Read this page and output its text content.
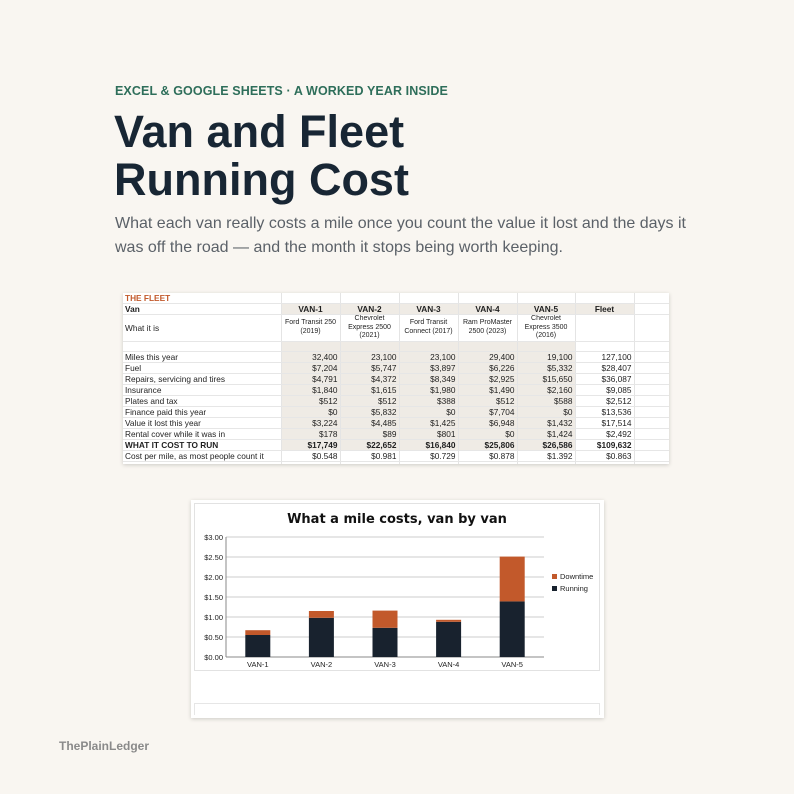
EXCEL & GOOGLE SHEETS · A WORKED YEAR INSIDE
Van and Fleet
Running Cost

What each van really costs a mile once you count the value it lost and the days it was off the road — and the month it stops being worth keeping.

THE FLEET							
Van	VAN-1	VAN-2	VAN-3	VAN-4	VAN-5	Fleet	
What it is	Ford Transit 250 (2019)	Chevrolet Express 2500 (2021)	Ford Transit Connect (2017)	Ram ProMaster 2500 (2023)	Chevrolet Express 3500 (2016)		

Miles this year	32,400	23,100	23,100	29,400	19,100	127,100	
Fuel	$7,204	$5,747	$3,897	$6,226	$5,332	$28,407	
Repairs, servicing and tires	$4,791	$4,372	$8,349	$2,925	$15,650	$36,087	
Insurance	$1,840	$1,615	$1,980	$1,490	$2,160	$9,085	
Plates and tax	$512	$512	$388	$512	$588	$2,512	
Finance paid this year	$0	$5,832	$0	$7,704	$0	$13,536	
Value it lost this year	$3,224	$4,485	$1,425	$6,948	$1,432	$17,514	
Rental cover while it was in	$178	$89	$801	$0	$1,424	$2,492	
WHAT IT COST TO RUN	$17,749	$22,652	$16,840	$25,806	$26,586	$109,632	
Cost per mile, as most people count it	$0.548	$0.981	$0.729	$0.878	$1.392	$0.863	

What a mile costs, van by van
$0.00
$0.50
$1.00
$1.50
$2.00
$2.50
$3.00
VAN-1	VAN-2	VAN-3	VAN-4	VAN-5
Downtime
Running
ThePlainLedger
